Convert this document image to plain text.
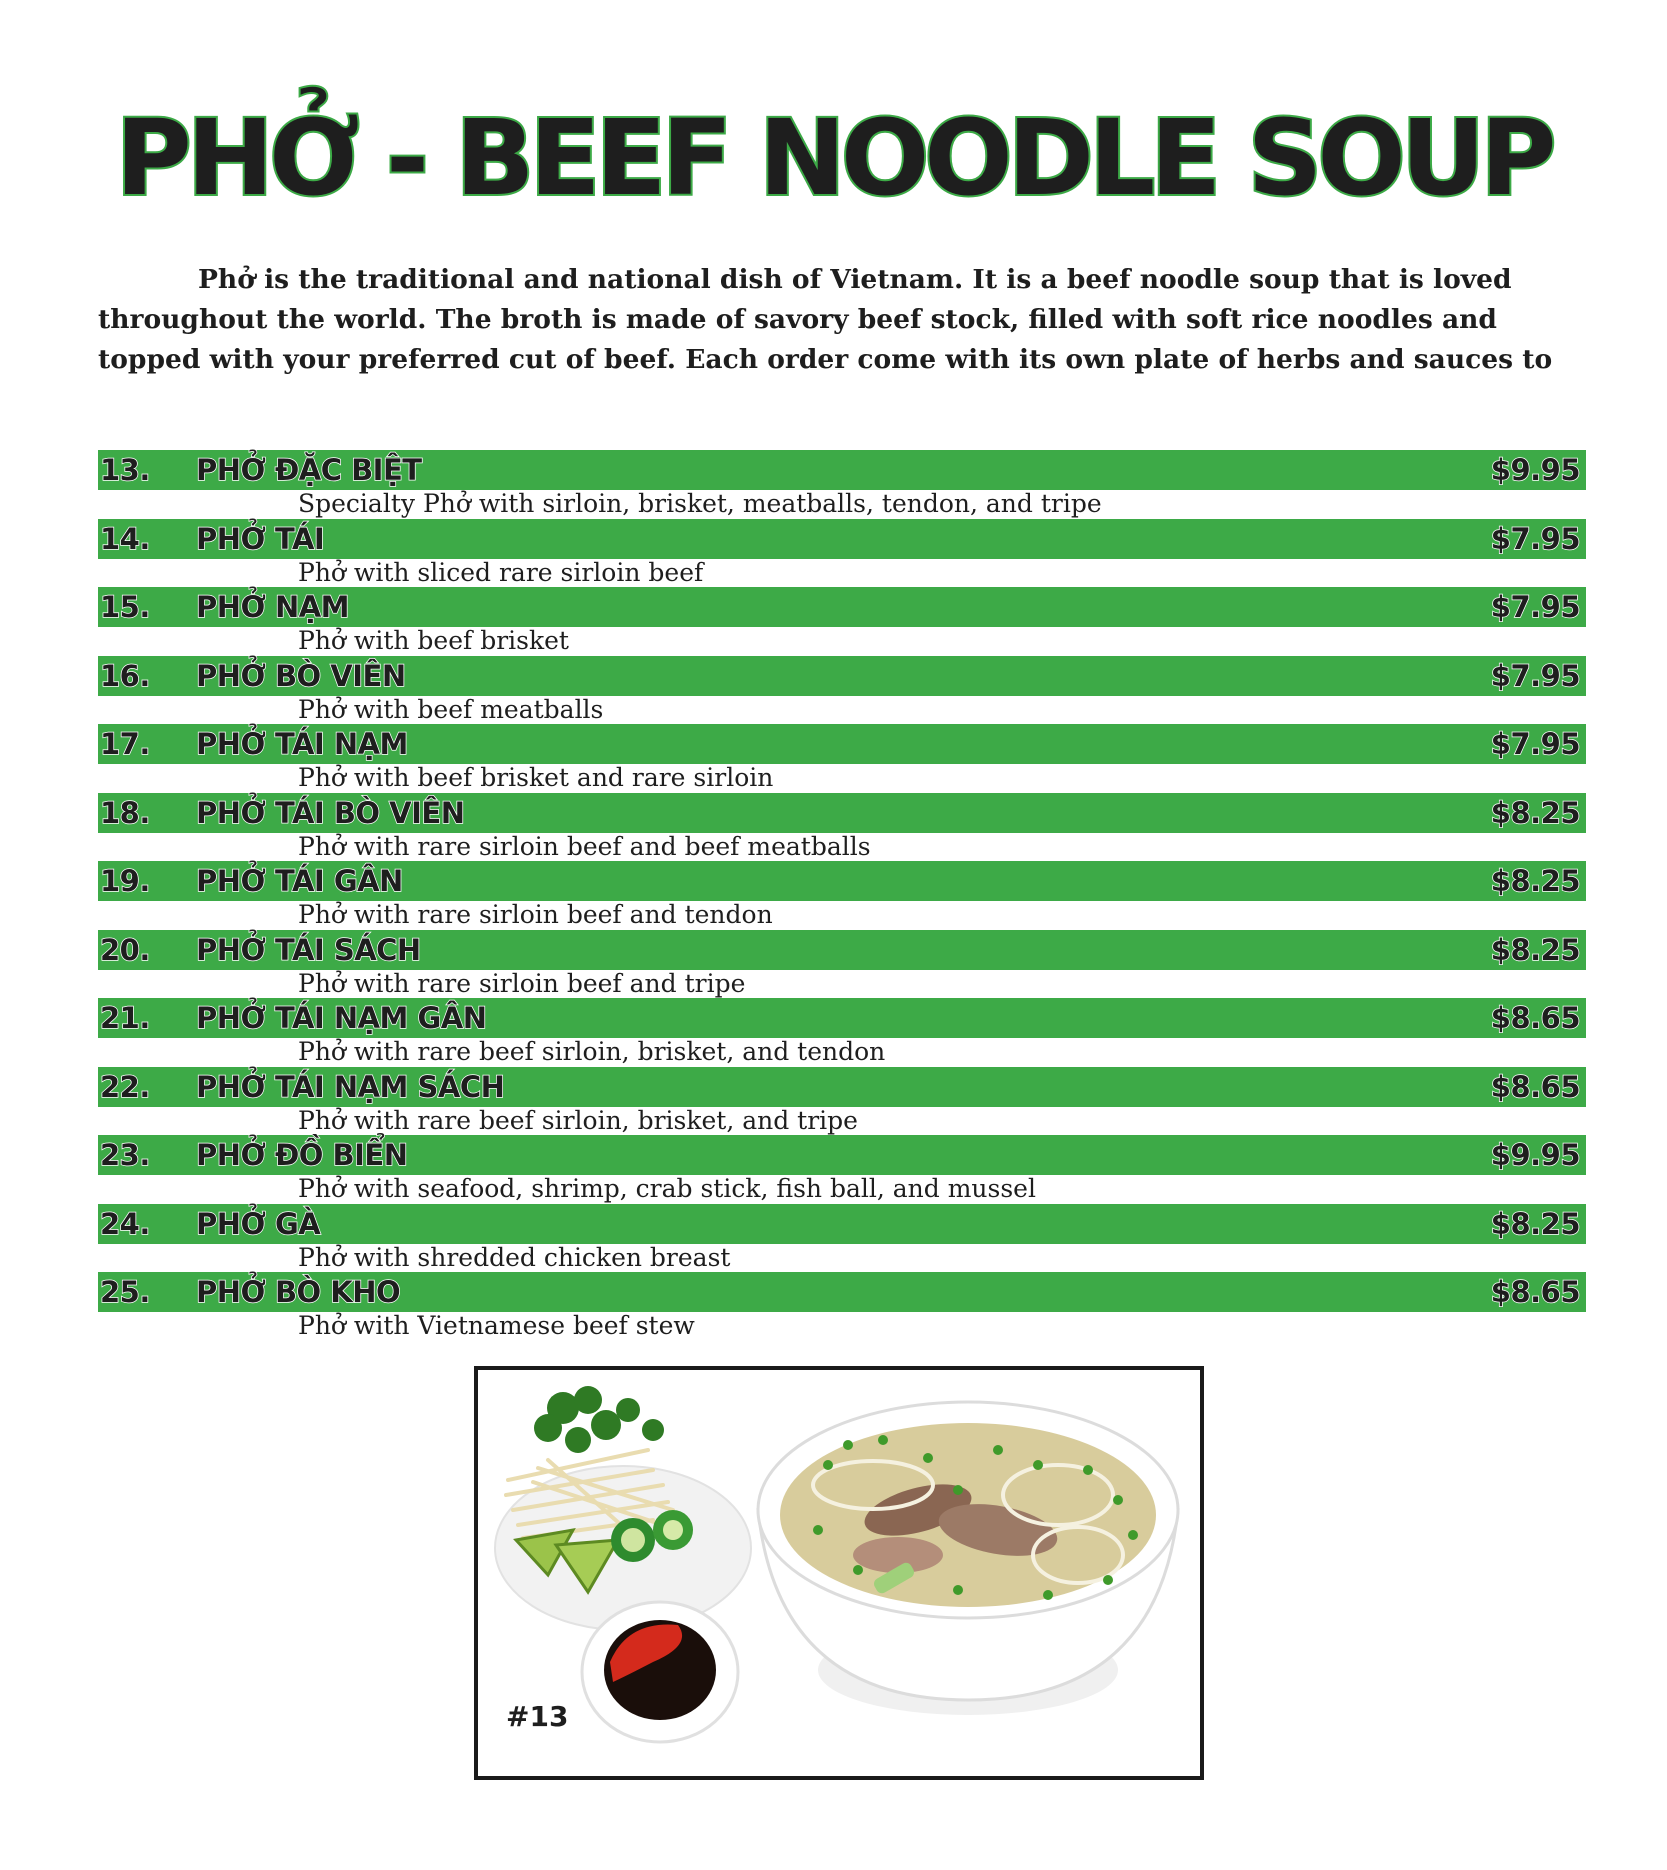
PHỞ - BEEF NOODLE SOUP
Phở is the traditional and national dish of Vietnam. It is a beef noodle soup that is loved throughout the world. The broth is made of savory beef stock, filled with soft rice noodles and topped with your preferred cut of beef. Each order come with its own plate of herbs and sauces to
13. PHỞ ĐẶC BIỆT	$9.95
Specialty Phở with sirloin, brisket, meatballs, tendon, and tripe
14. PHỞ TÁI	$7.95
Phở with sliced rare sirloin beef
15. PHỞ NẠM	$7.95
Phở with beef brisket
16. PHỞ BÒ VIÊN	$7.95
Phở with beef meatballs
17. PHỞ TÁI NẠM	$7.95
Phở with beef brisket and rare sirloin
18. PHỞ TÁI BÒ VIÊN	$8.25
Phở with rare sirloin beef and beef meatballs
19. PHỞ TÁI GÂN	$8.25
Phở with rare sirloin beef and tendon
20. PHỞ TÁI SÁCH	$8.25
Phở with rare sirloin beef and tripe
21. PHỞ TÁI NẠM GÂN	$8.65
Phở with rare beef sirloin, brisket, and tendon
22. PHỞ TÁI NẠM SÁCH	$8.65
Phở with rare beef sirloin, brisket, and tripe
23. PHỞ ĐỒ BIỂN	$9.95
Phở with seafood, shrimp, crab stick, fish ball, and mussel
24. PHỞ GÀ	$8.25
Phở with shredded chicken breast
25. PHỞ BÒ KHO	$8.65
Phở with Vietnamese beef stew
#13
